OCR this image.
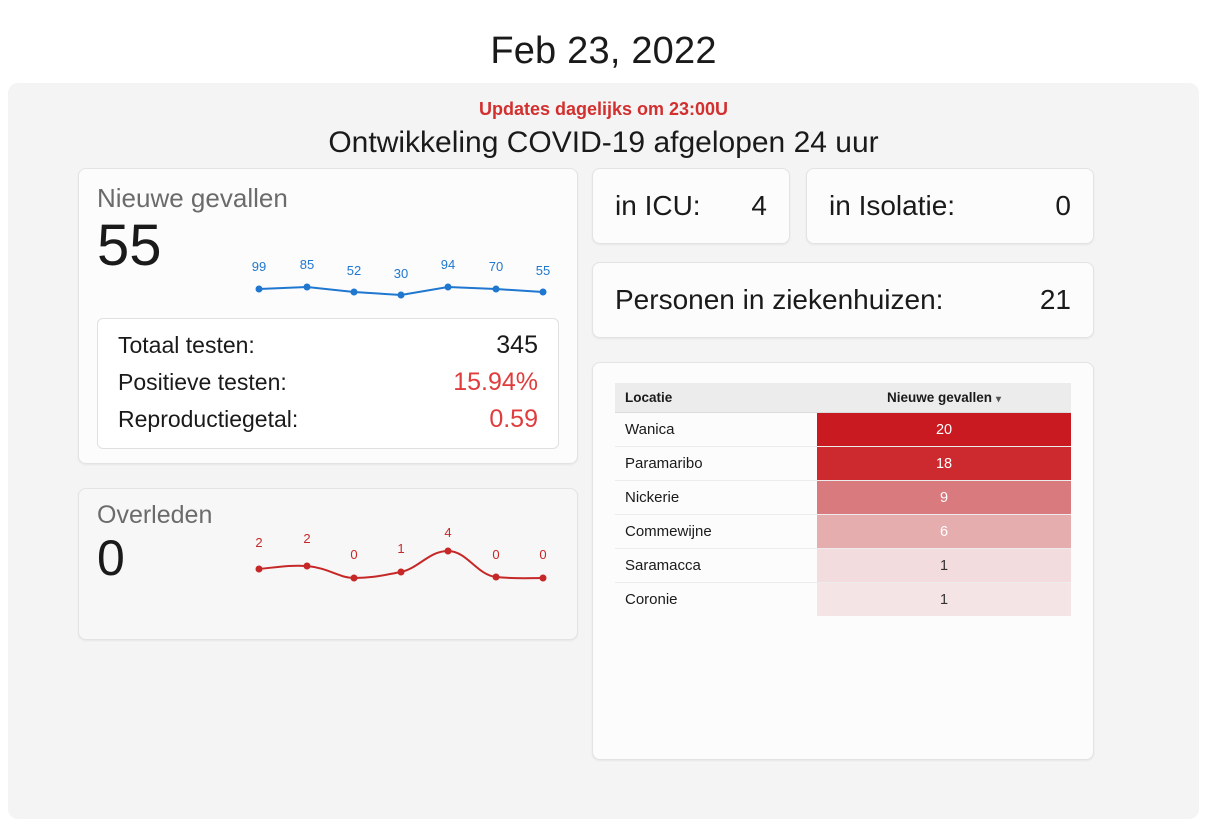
Feb 23, 2022
Updates dagelijks om 23:00U
Ontwikkeling COVID-19 afgelopen 24 uur
Nieuwe gevallen
55	99	85	52	30
94	70	55
Totaal testen:	345
Positieve testen:	15.94%
Reproductiegetal:	0.59
Overleden
0	2	2
0	1
4
0	0
in ICU:	4 in Isolatie:	0
Personen in ziekenhuizen:	21
Locatie	Nieuwe gevallen ▾
Wanica	20
Paramaribo	18
Nickerie	9
Commewijne	6
Saramacca	1
Coronie	1
